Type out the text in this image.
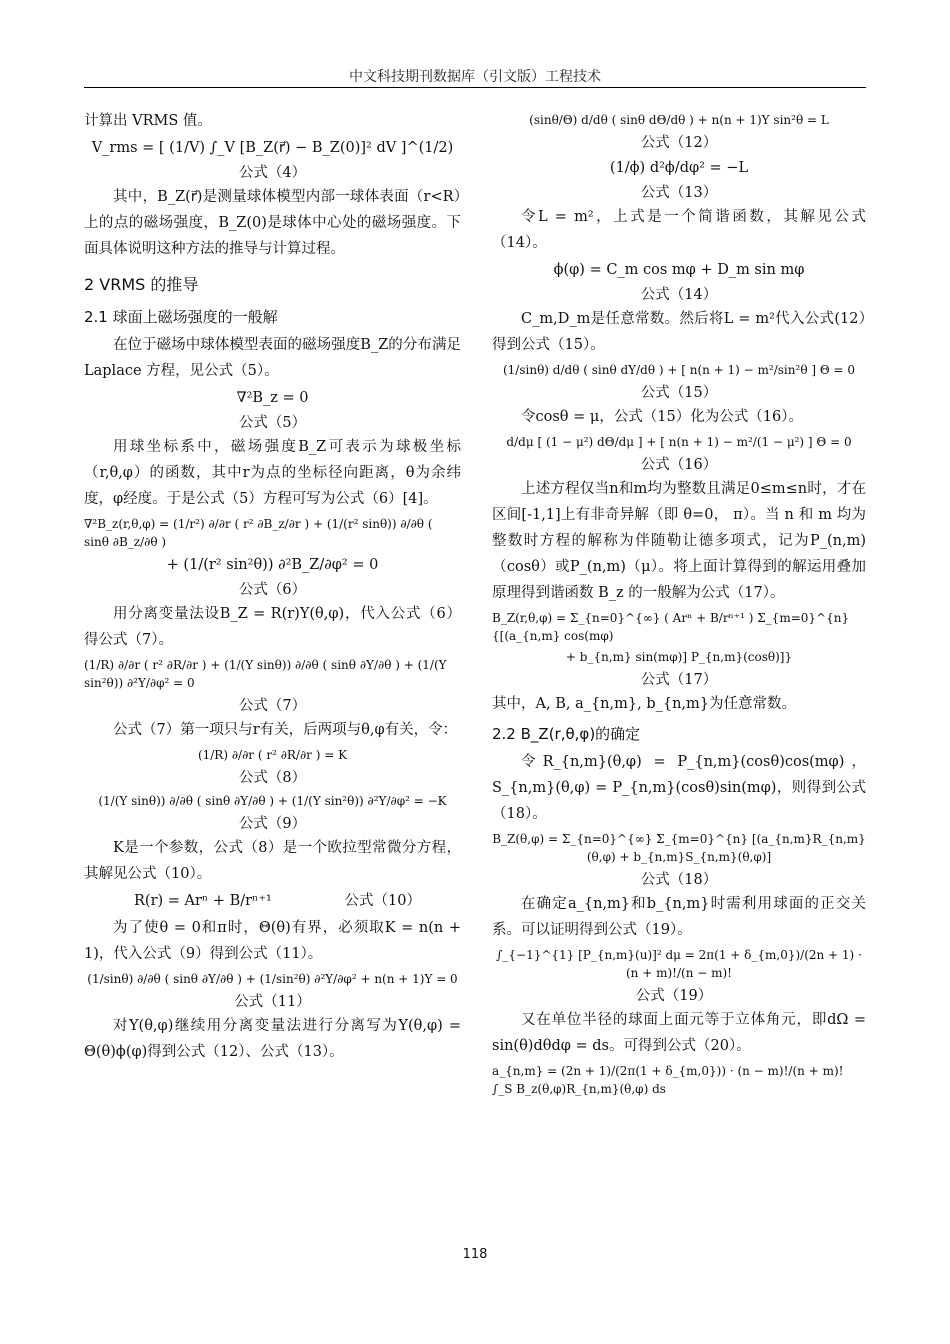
中文科技期刊数据库（引文版）工程技术

计算出 VRMS 值。

V_rms = [ (1/V) ∫_V [B_Z(r⃗) − B_Z(0)]² dV ]^(1/2)
公式（4）

其中，B_Z(r⃗)是测量球体模型内部一球体表面（r<R）上的点的磁场强度，B_Z(0)是球体中心处的磁场强度。下面具体说明这种方法的推导与计算过程。

2 VRMS 的推导
2.1 球面上磁场强度的一般解

在位于磁场中球体模型表面的磁场强度B_Z的分布满足 Laplace 方程，见公式（5）。

∇²B_z = 0
公式（5）

用球坐标系中，磁场强度B_Z可表示为球极坐标（r,θ,φ）的函数，其中r为点的坐标径向距离，θ为余纬度，φ经度。于是公式（5）方程可写为公式（6）[4]。

∇²B_z(r,θ,φ) = (1/r²) ∂/∂r ( r² ∂B_z/∂r ) + (1/(r² sinθ)) ∂/∂θ ( sinθ ∂B_z/∂θ )
+ (1/(r² sin²θ)) ∂²B_Z/∂φ² = 0
公式（6）

用分离变量法设B_Z = R(r)Y(θ,φ)，代入公式（6）得公式（7）。

(1/R) ∂/∂r ( r² ∂R/∂r ) + (1/(Y sinθ)) ∂/∂θ ( sinθ ∂Y/∂θ ) + (1/(Y sin²θ)) ∂²Y/∂φ² = 0
公式（7）

公式（7）第一项只与r有关，后两项与θ,φ有关，令：

(1/R) ∂/∂r ( r² ∂R/∂r ) = K
公式（8）
(1/(Y sinθ)) ∂/∂θ ( sinθ ∂Y/∂θ ) + (1/(Y sin²θ)) ∂²Y/∂φ² = −K
公式（9）

K是一个参数，公式（8）是一个欧拉型常微分方程，其解见公式（10）。

R(r) = Arⁿ + B/rⁿ⁺¹	公式（10）

为了使θ = 0和π时，Θ(θ)有界，必须取K = n(n + 1)，代入公式（9）得到公式（11）。

(1/sinθ) ∂/∂θ ( sinθ ∂Y/∂θ ) + (1/sin²θ) ∂²Y/∂φ² + n(n + 1)Y = 0
公式（11）

对Y(θ,φ)继续用分离变量法进行分离写为Y(θ,φ) = Θ(θ)ϕ(φ)得到公式（12）、公式（13）。

(sinθ/Θ) d/dθ ( sinθ dΘ/dθ ) + n(n + 1)Y sin²θ = L
公式（12）
(1/ϕ) d²ϕ/dφ² = −L
公式（13）

令L = m²，上式是一个简谐函数，其解见公式（14）。

ϕ(φ) = C_m cos mφ + D_m sin mφ
公式（14）

C_m,D_m是任意常数。然后将L = m²代入公式(12）得到公式（15）。

(1/sinθ) d/dθ ( sinθ dY/dθ ) + [ n(n + 1) − m²/sin²θ ] Θ = 0
公式（15）

令cosθ = μ，公式（15）化为公式（16）。

d/dμ [ (1 − μ²) dΘ/dμ ] + [ n(n + 1) − m²/(1 − μ²) ] Θ = 0
公式（16）

上述方程仅当n和m均为整数且满足0≤m≤n时，才在区间[-1,1]上有非奇异解（即 θ=0， π）。当 n 和 m 均为整数时方程的解称为伴随勒让德多项式，记为P_(n,m)（cosθ）或P_(n,m)（μ）。将上面计算得到的解运用叠加原理得到谐函数 B_z 的一般解为公式（17）。

B_Z(r,θ,φ) = Σ_{n=0}^{∞} ( Arⁿ + B/rⁿ⁺¹ ) Σ_{m=0}^{n} {[(a_{n,m} cos(mφ)
+ b_{n,m} sin(mφ)] P_{n,m}(cosθ)]}
公式（17）

其中，A, B, a_{n,m}, b_{n,m}为任意常数。

2.2 B_Z(r,θ,φ)的确定

令R_{n,m}(θ,φ) = P_{n,m}(cosθ)cos(mφ)，S_{n,m}(θ,φ) = P_{n,m}(cosθ)sin(mφ)，则得到公式（18）。

B_Z(θ,φ) = Σ_{n=0}^{∞} Σ_{m=0}^{n} [(a_{n,m}R_{n,m}(θ,φ) + b_{n,m}S_{n,m}(θ,φ)]
公式（18）

在确定a_{n,m}和b_{n,m}时需利用球面的正交关系。可以证明得到公式（19）。

∫_{−1}^{1} [P_{n,m}(u)]² dμ = 2π(1 + δ_{m,0})/(2n + 1) · (n + m)!/(n − m)!
公式（19）

又在单位半径的球面上面元等于立体角元，即dΩ = sin(θ)dθdφ = ds。可得到公式（20）。

a_{n,m} = (2n + 1)/(2π(1 + δ_{m,0})) · (n − m)!/(n + m)! ∫_S B_z(θ,φ)R_{n,m}(θ,φ) ds
118
